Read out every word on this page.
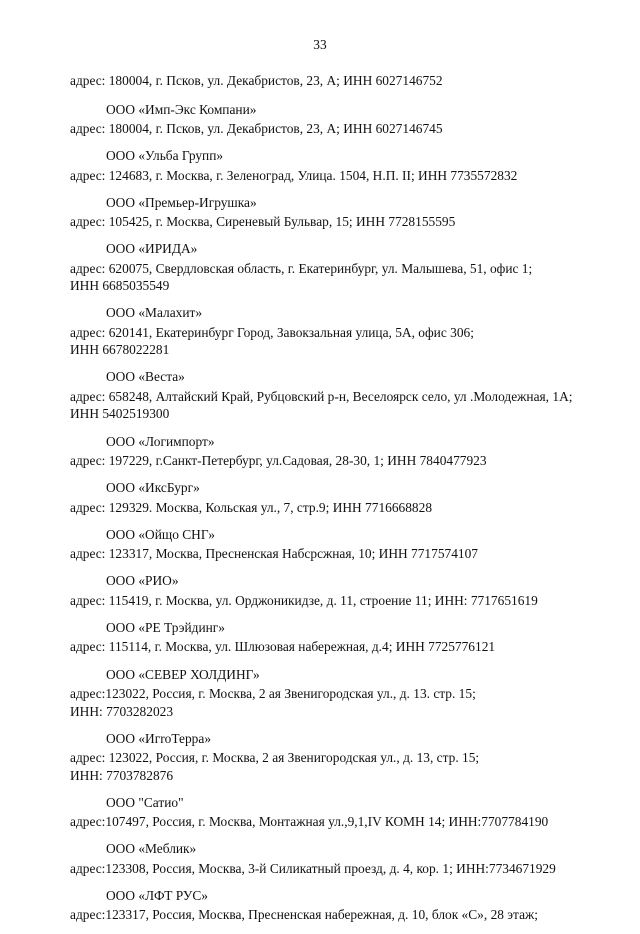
33
адрес: 180004, г. Псков, ул. Декабристов, 23, А; ИНН 6027146752
ООО «Имп-Экс Компани»
адрес: 180004, г. Псков, ул. Декабристов, 23, А; ИНН 6027146745
ООО «Ульба Групп»
адрес: 124683, г. Москва, г. Зеленоград, Улица. 1504, Н.П. II; ИНН 7735572832
ООО «Премьер-Игрушка»
адрес: 105425, г. Москва, Сиреневый Бульвар, 15; ИНН 7728155595
ООО «ИРИДА»
адрес: 620075, Свердловская область, г. Екатеринбург, ул. Малышева, 51, офис 1;
ИНН 6685035549
ООО «Малахит»
адрес: 620141, Екатеринбург Город, Завокзальная улица, 5А, офис 306;
ИНН 6678022281
ООО «Веста»
адрес: 658248, Алтайский Край, Рубцовский р-н, Веселоярск село, ул .Молодежная, 1А;
ИНН 5402519300
ООО «Логимпорт»
адрес: 197229, г.Санкт-Петербург, ул.Садовая, 28-30, 1; ИНН 7840477923
ООО «ИксБург»
адрес: 129329. Москва, Кольская ул., 7, стр.9; ИНН 7716668828
ООО «Ойщо СНГ»
адрес: 123317, Москва, Пресненская Набсрсжная, 10; ИНН 7717574107
ООО «РИО»
адрес: 115419, г. Москва, ул. Орджоникидзе, д. 11, строение 11; ИНН: 7717651619
ООО «РЕ Трэйдинг»
адрес: 115114, г. Москва, ул. Шлюзовая набережная, д.4; ИНН 7725776121
ООО «СЕВЕР ХОЛДИНГ»
адрес:123022, Россия, г. Москва, 2 ая Звенигородская ул., д. 13. стр. 15;
ИНН: 7703282023
ООО «ИгroТерра»
адрес: 123022, Россия, г. Москва, 2 ая Звенигородская ул., д. 13, стр. 15;
ИНН: 7703782876
ООО "Сатио"
адрес:107497, Россия, г. Москва, Монтажная ул.,9,1,IV КОМН 14; ИНН:7707784190
ООО «Меблик»
адрес:123308, Россия, Москва, 3-й Силикатный проезд, д. 4, кор. 1; ИНН:7734671929
ООО «ЛФТ РУС»
адрес:123317, Россия, Москва, Пресненская набережная, д. 10, блок «С», 28 этаж;
